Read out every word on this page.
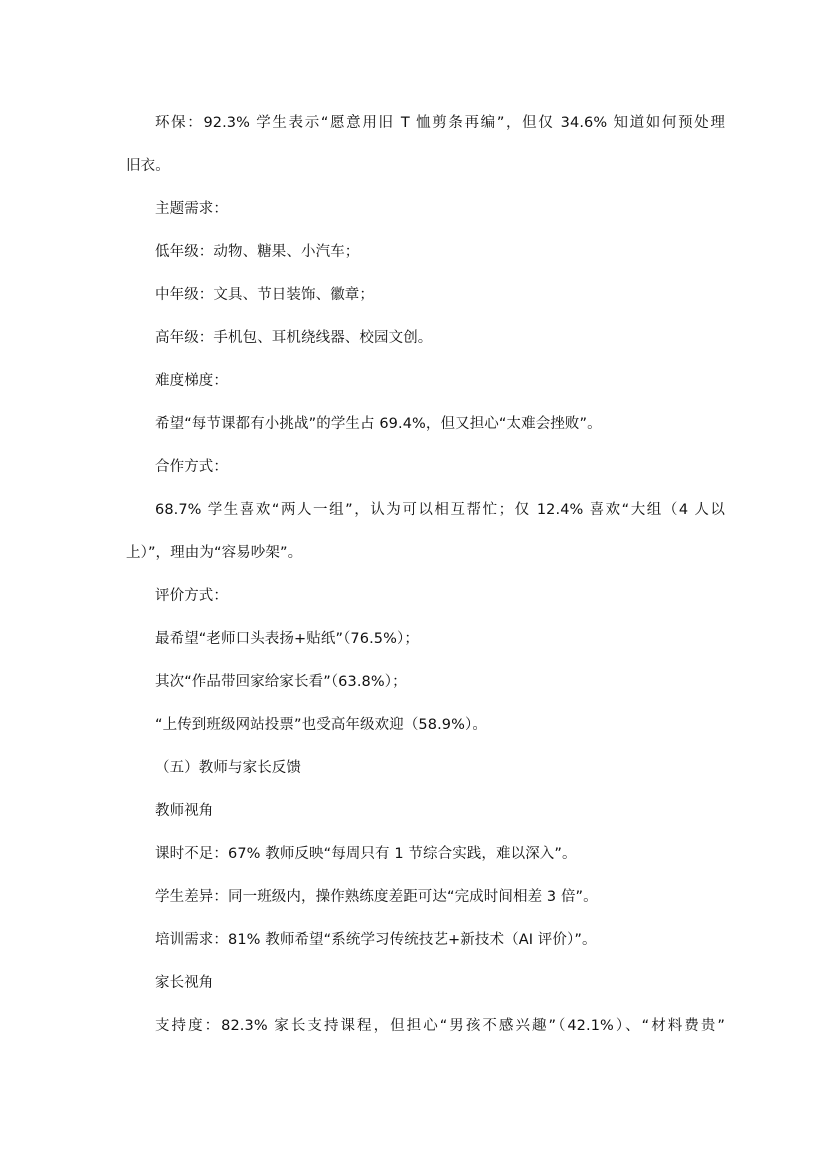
环保：92.3% 学生表示“愿意用旧 T 恤剪条再编”，但仅 34.6% 知道如何预处理
旧衣。
主题需求：
低年级：动物、糖果、小汽车；
中年级：文具、节日装饰、徽章；
高年级：手机包、耳机绕线器、校园文创。
难度梯度：
希望“每节课都有小挑战”的学生占 69.4%，但又担心“太难会挫败”。
合作方式：
68.7% 学生喜欢“两人一组”，认为可以相互帮忙；仅 12.4% 喜欢“大组（4 人以
上）”，理由为“容易吵架”。
评价方式：
最希望“老师口头表扬+贴纸”（76.5%）；
其次“作品带回家给家长看”（63.8%）；
“上传到班级网站投票”也受高年级欢迎（58.9%）。
（五）教师与家长反馈
教师视角
课时不足：67% 教师反映“每周只有 1 节综合实践，难以深入”。
学生差异：同一班级内，操作熟练度差距可达“完成时间相差 3 倍”。
培训需求：81% 教师希望“系统学习传统技艺+新技术（AI 评价）”。
家长视角
支持度：82.3% 家长支持课程，但担心“男孩不感兴趣”（42.1%）、“材料费贵”
